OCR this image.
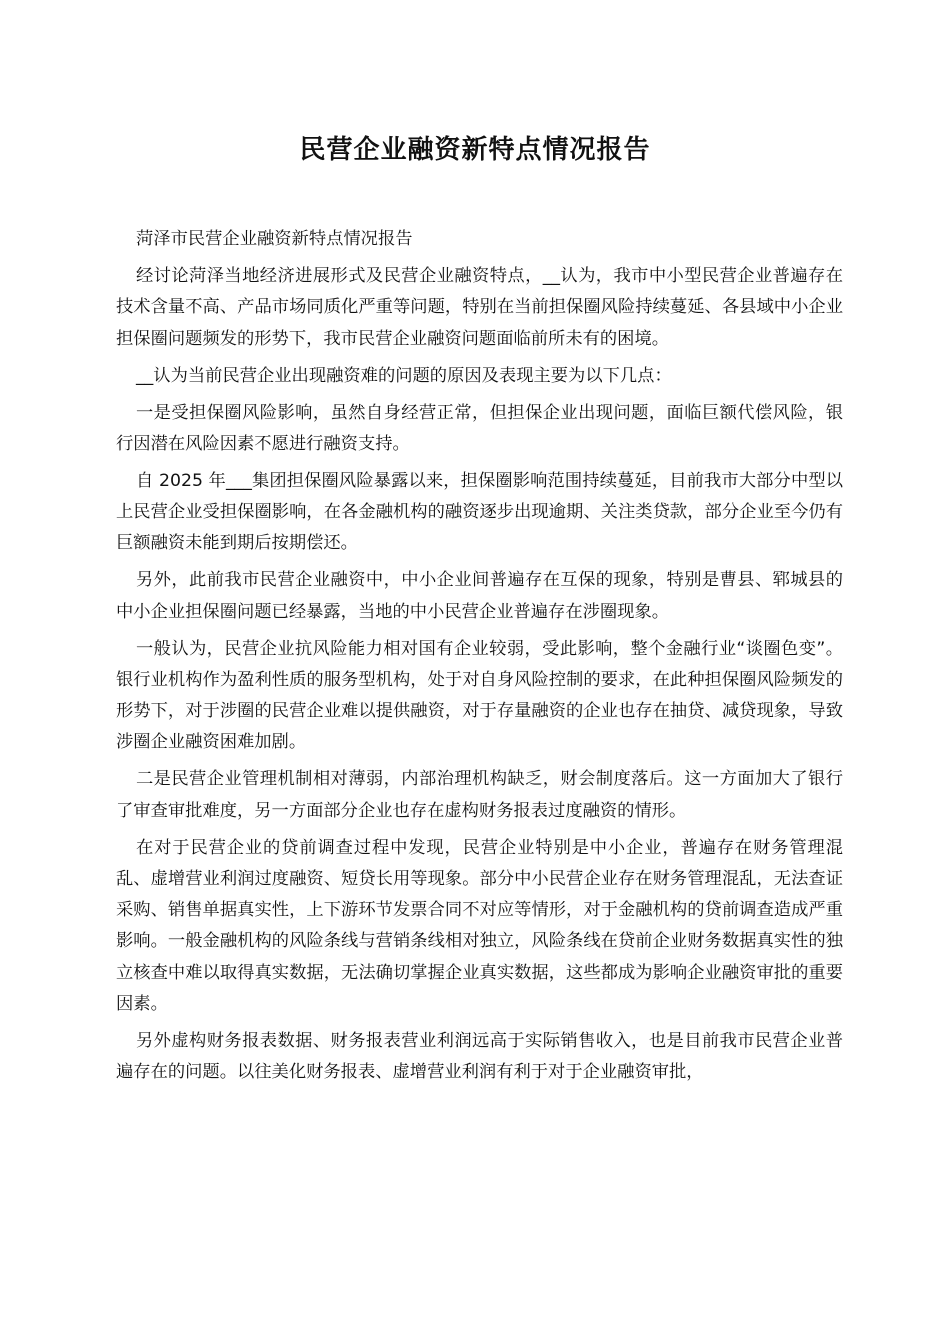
民营企业融资新特点情况报告

菏泽市民营企业融资新特点情况报告

经讨论菏泽当地经济进展形式及民营企业融资特点，__认为，我市中小型民营企业普遍存在技术含量不高、产品市场同质化严重等问题，特别在当前担保圈风险持续蔓延、各县域中小企业担保圈问题频发的形势下，我市民营企业融资问题面临前所未有的困境。

__认为当前民营企业出现融资难的问题的原因及表现主要为以下几点：

一是受担保圈风险影响，虽然自身经营正常，但担保企业出现问题，面临巨额代偿风险，银行因潜在风险因素不愿进行融资支持。

自 2025 年___集团担保圈风险暴露以来，担保圈影响范围持续蔓延，目前我市大部分中型以上民营企业受担保圈影响，在各金融机构的融资逐步出现逾期、关注类贷款，部分企业至今仍有巨额融资未能到期后按期偿还。

另外，此前我市民营企业融资中，中小企业间普遍存在互保的现象，特别是曹县、郓城县的中小企业担保圈问题已经暴露，当地的中小民营企业普遍存在涉圈现象。

一般认为，民营企业抗风险能力相对国有企业较弱，受此影响，整个金融行业“谈圈色变”。银行业机构作为盈利性质的服务型机构，处于对自身风险控制的要求，在此种担保圈风险频发的形势下，对于涉圈的民营企业难以提供融资，对于存量融资的企业也存在抽贷、减贷现象，导致涉圈企业融资困难加剧。

二是民营企业管理机制相对薄弱，内部治理机构缺乏，财会制度落后。这一方面加大了银行了审查审批难度，另一方面部分企业也存在虚构财务报表过度融资的情形。

在对于民营企业的贷前调查过程中发现，民营企业特别是中小企业，普遍存在财务管理混乱、虚增营业利润过度融资、短贷长用等现象。部分中小民营企业存在财务管理混乱，无法查证采购、销售单据真实性，上下游环节发票合同不对应等情形，对于金融机构的贷前调查造成严重影响。一般金融机构的风险条线与营销条线相对独立，风险条线在贷前企业财务数据真实性的独立核查中难以取得真实数据，无法确切掌握企业真实数据，这些都成为影响企业融资审批的重要因素。

另外虚构财务报表数据、财务报表营业利润远高于实际销售收入，也是目前我市民营企业普遍存在的问题。以往美化财务报表、虚增营业利润有利于对于企业融资审批，
